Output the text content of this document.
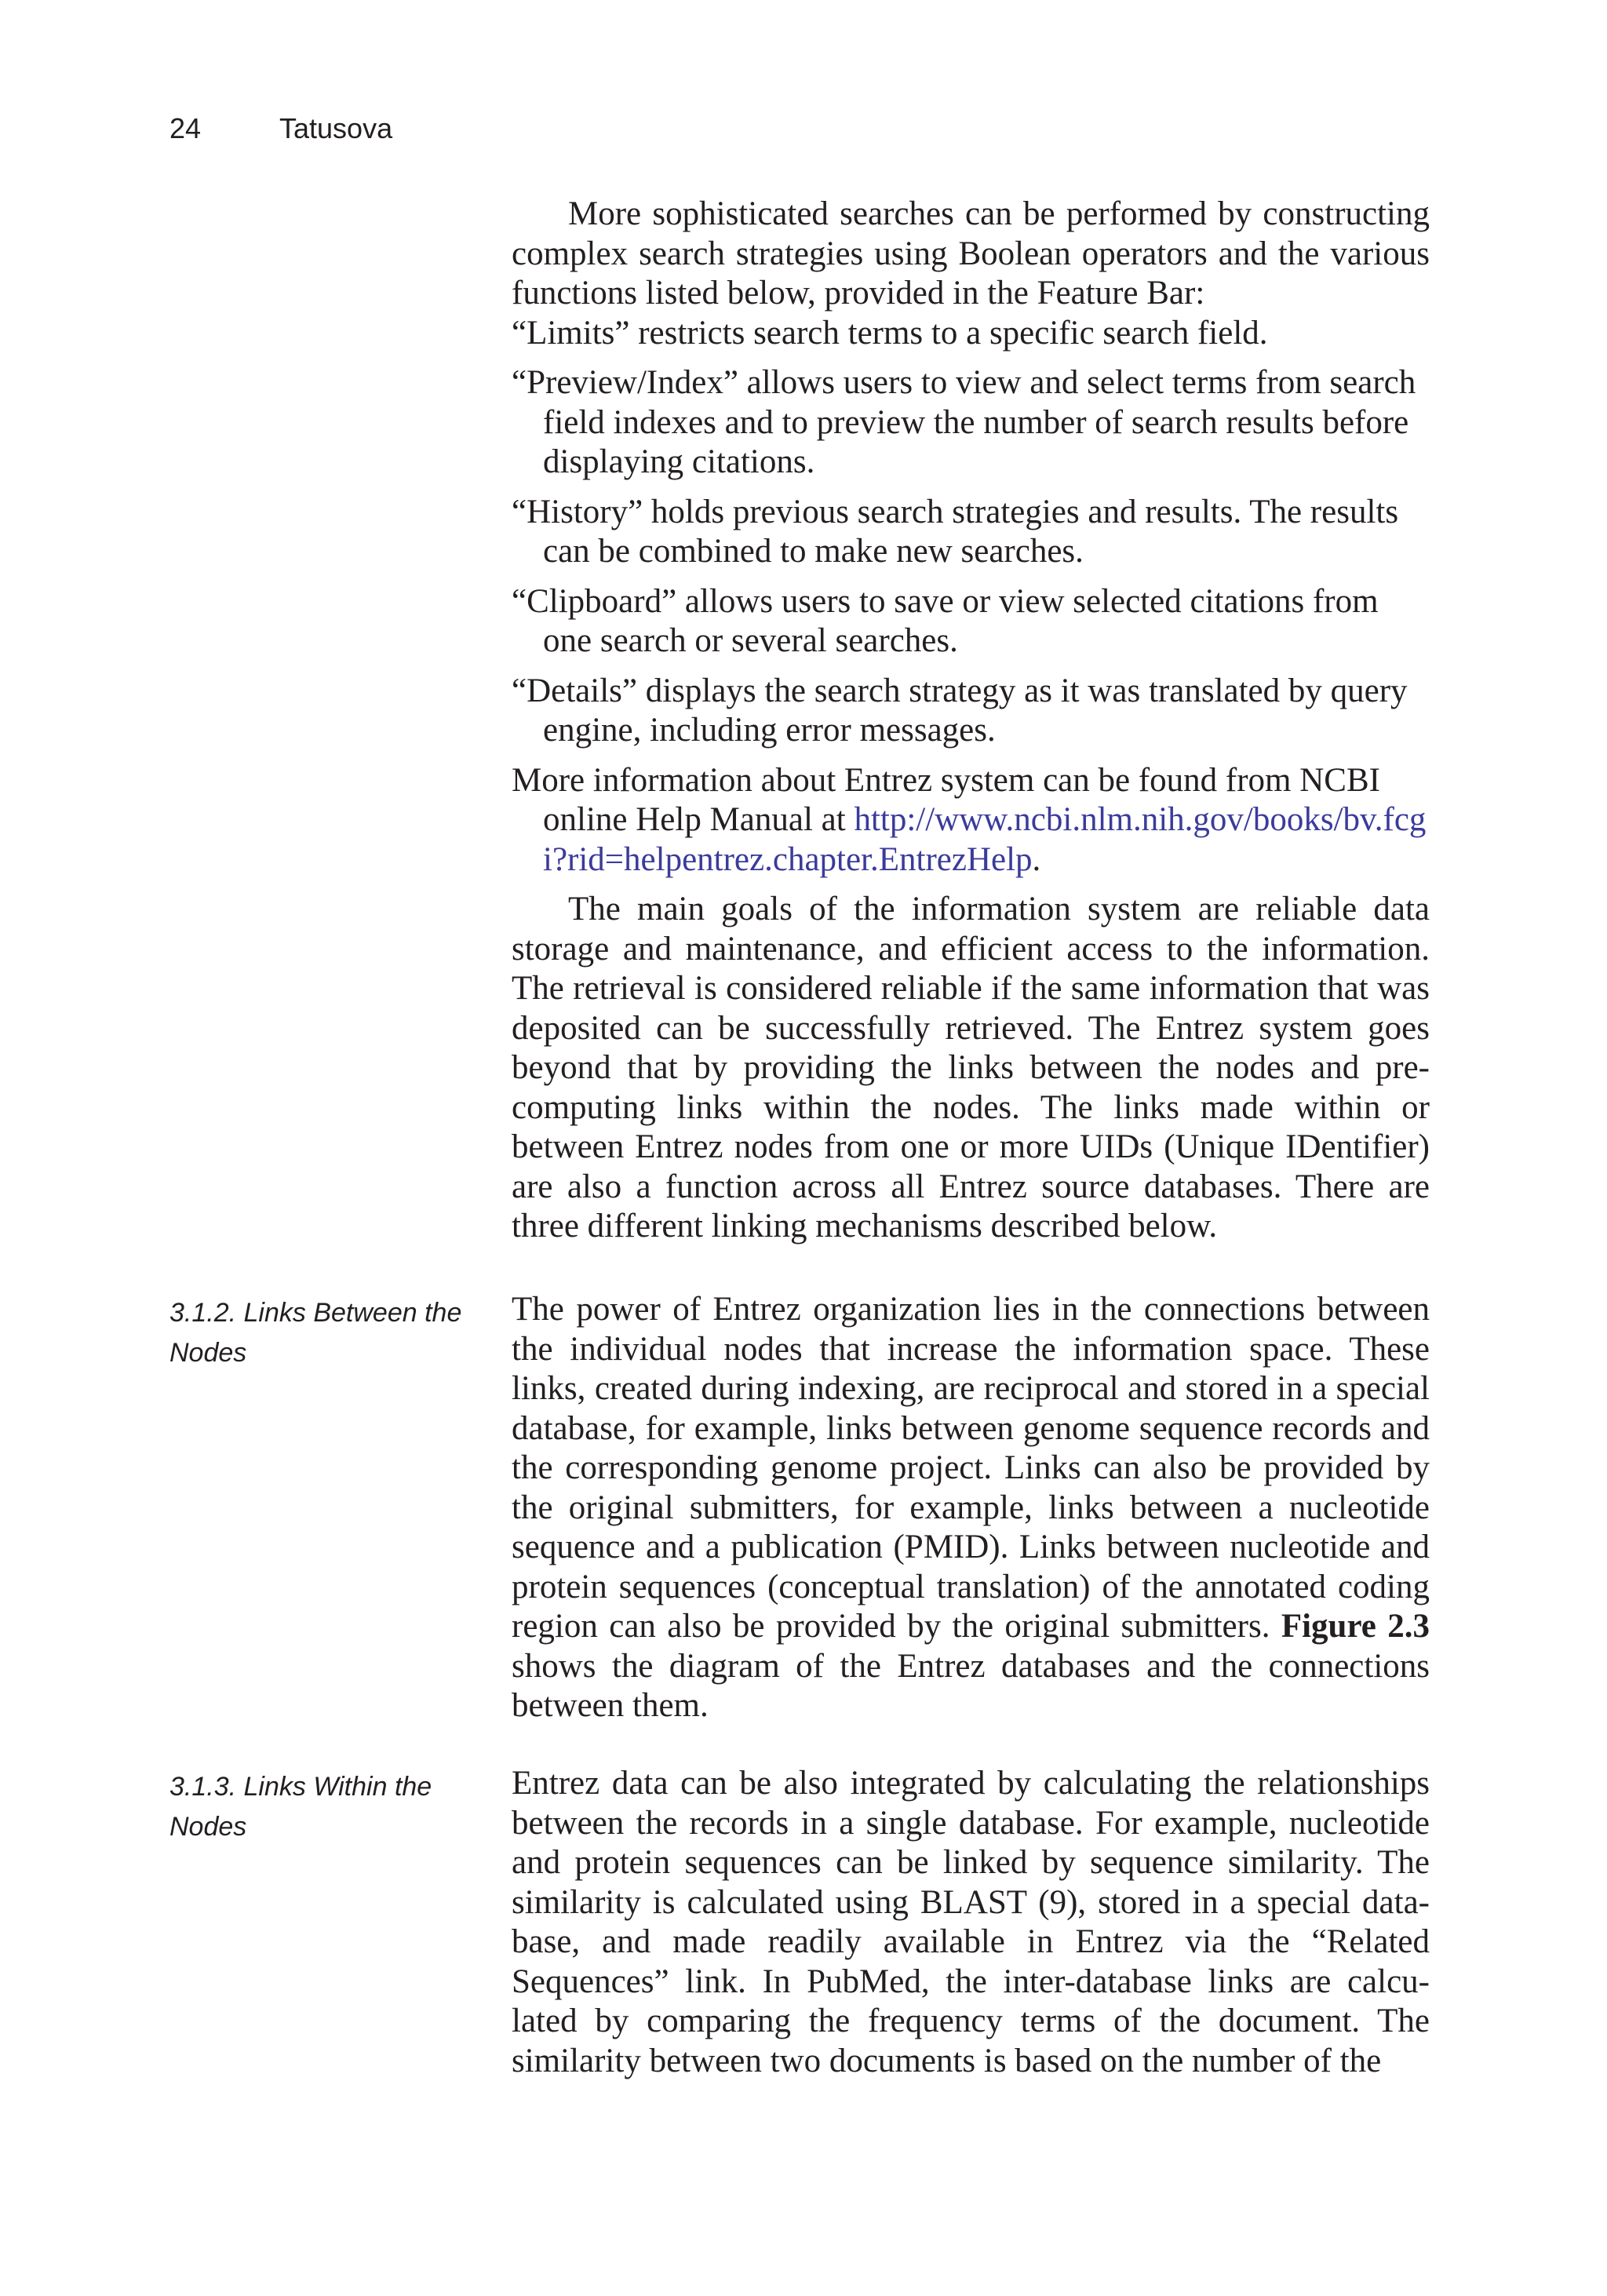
24	Tatusova

More sophisticated searches can be performed by constructing complex search strategies using Boolean operators and the various functions listed below, provided in the Feature Bar:

“Limits” restricts search terms to a specific search field.

“Preview/Index” allows users to view and select terms from search field indexes and to preview the number of search results before displaying citations.

“History” holds previous search strategies and results. The results can be combined to make new searches.

“Clipboard” allows users to save or view selected citations from one search or several searches.

“Details” displays the search strategy as it was translated by query engine, including error messages.

More information about Entrez system can be found from NCBI online Help Manual at http://www.ncbi.nlm.nih.gov/books/bv.fcgi?rid=helpentrez.chapter.EntrezHelp.

The main goals of the information system are reliable data storage and maintenance, and efficient access to the information. The retrieval is considered reliable if the same information that was deposited can be successfully retrieved. The Entrez system goes beyond that by providing the links between the nodes and pre-computing links within the nodes. The links made within or between Entrez nodes from one or more UIDs (Unique IDentifier) are also a function across all Entrez source databases. There are three different linking mechanisms described below.

3.1.2. Links Between the Nodes

The power of Entrez organization lies in the connections between the individual nodes that increase the information space. These links, created during indexing, are reciprocal and stored in a special database, for example, links between genome sequence records and the corresponding genome project. Links can also be provided by the original submitters, for example, links between a nucleotide sequence and a publication (PMID). Links between nucleotide and protein sequences (conceptual translation) of the annotated coding region can also be provided by the original submitters. Figure 2.3 shows the diagram of the Entrez databases and the connections between them.

3.1.3. Links Within the Nodes

Entrez data can be also integrated by calculating the relationships between the records in a single database. For example, nucleotide and protein sequences can be linked by sequence similarity. The similarity is calculated using BLAST (9), stored in a special data-base, and made readily available in Entrez via the “Related Sequences” link. In PubMed, the inter-database links are calcu-lated by comparing the frequency terms of the document. The similarity between two documents is based on the number of the
